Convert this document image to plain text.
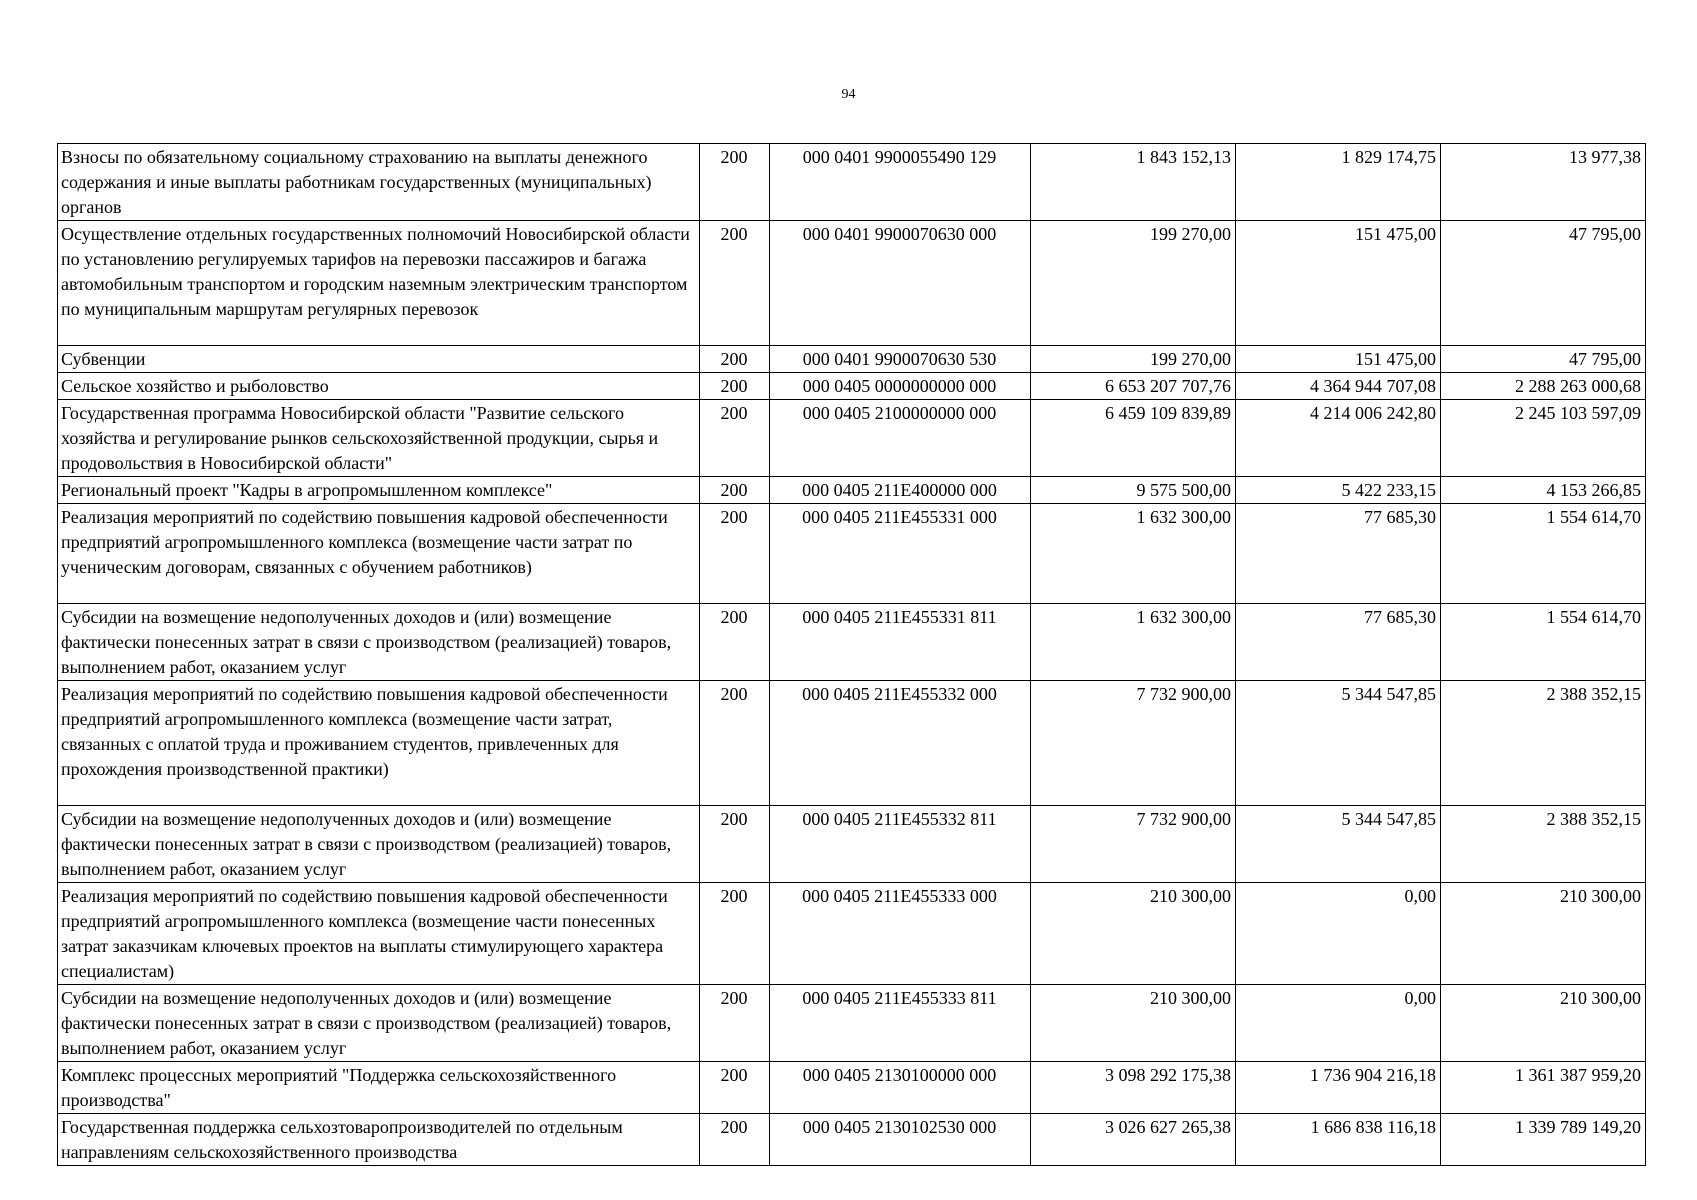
94
Взносы по обязательному социальному страхованию на выплаты денежного содержания и иные выплаты работникам государственных (муниципальных) органов	200	000 0401 9900055490 129	1 843 152,13	1 829 174,75	13 977,38
Осуществление отдельных государственных полномочий Новосибирской области по установлению регулируемых тарифов на перевозки пассажиров и багажа автомобильным транспортом и городским наземным электрическим транспортом по муниципальным маршрутам регулярных перевозок	200	000 0401 9900070630 000	199 270,00	151 475,00	47 795,00
Субвенции	200	000 0401 9900070630 530	199 270,00	151 475,00	47 795,00
Сельское хозяйство и рыболовство	200	000 0405 0000000000 000	6 653 207 707,76	4 364 944 707,08	2 288 263 000,68
Государственная программа Новосибирской области "Развитие сельского хозяйства и регулирование рынков сельскохозяйственной продукции, сырья и продовольствия в Новосибирской области"	200	000 0405 2100000000 000	6 459 109 839,89	4 214 006 242,80	2 245 103 597,09
Региональный проект "Кадры в агропромышленном комплексе"	200	000 0405 211E400000 000	9 575 500,00	5 422 233,15	4 153 266,85
Реализация мероприятий по содействию повышения кадровой обеспеченности предприятий агропромышленного комплекса (возмещение части затрат по ученическим договорам, связанных с обучением работников)	200	000 0405 211E455331 000	1 632 300,00	77 685,30	1 554 614,70
Субсидии на возмещение недополученных доходов и (или) возмещение фактически понесенных затрат в связи с производством (реализацией) товаров, выполнением работ, оказанием услуг	200	000 0405 211E455331 811	1 632 300,00	77 685,30	1 554 614,70
Реализация мероприятий по содействию повышения кадровой обеспеченности предприятий агропромышленного комплекса (возмещение части затрат, связанных с оплатой труда и проживанием студентов, привлеченных для прохождения производственной практики)	200	000 0405 211E455332 000	7 732 900,00	5 344 547,85	2 388 352,15
Субсидии на возмещение недополученных доходов и (или) возмещение фактически понесенных затрат в связи с производством (реализацией) товаров, выполнением работ, оказанием услуг	200	000 0405 211E455332 811	7 732 900,00	5 344 547,85	2 388 352,15
Реализация мероприятий по содействию повышения кадровой обеспеченности предприятий агропромышленного комплекса (возмещение части понесенных затрат заказчикам ключевых проектов на выплаты стимулирующего характера специалистам)	200	000 0405 211E455333 000	210 300,00	0,00	210 300,00
Субсидии на возмещение недополученных доходов и (или) возмещение фактически понесенных затрат в связи с производством (реализацией) товаров, выполнением работ, оказанием услуг	200	000 0405 211E455333 811	210 300,00	0,00	210 300,00
Комплекс процессных мероприятий "Поддержка сельскохозяйственного производства"	200	000 0405 2130100000 000	3 098 292 175,38	1 736 904 216,18	1 361 387 959,20
Государственная поддержка сельхозтоваропроизводителей по отдельным направлениям сельскохозяйственного производства	200	000 0405 2130102530 000	3 026 627 265,38	1 686 838 116,18	1 339 789 149,20
